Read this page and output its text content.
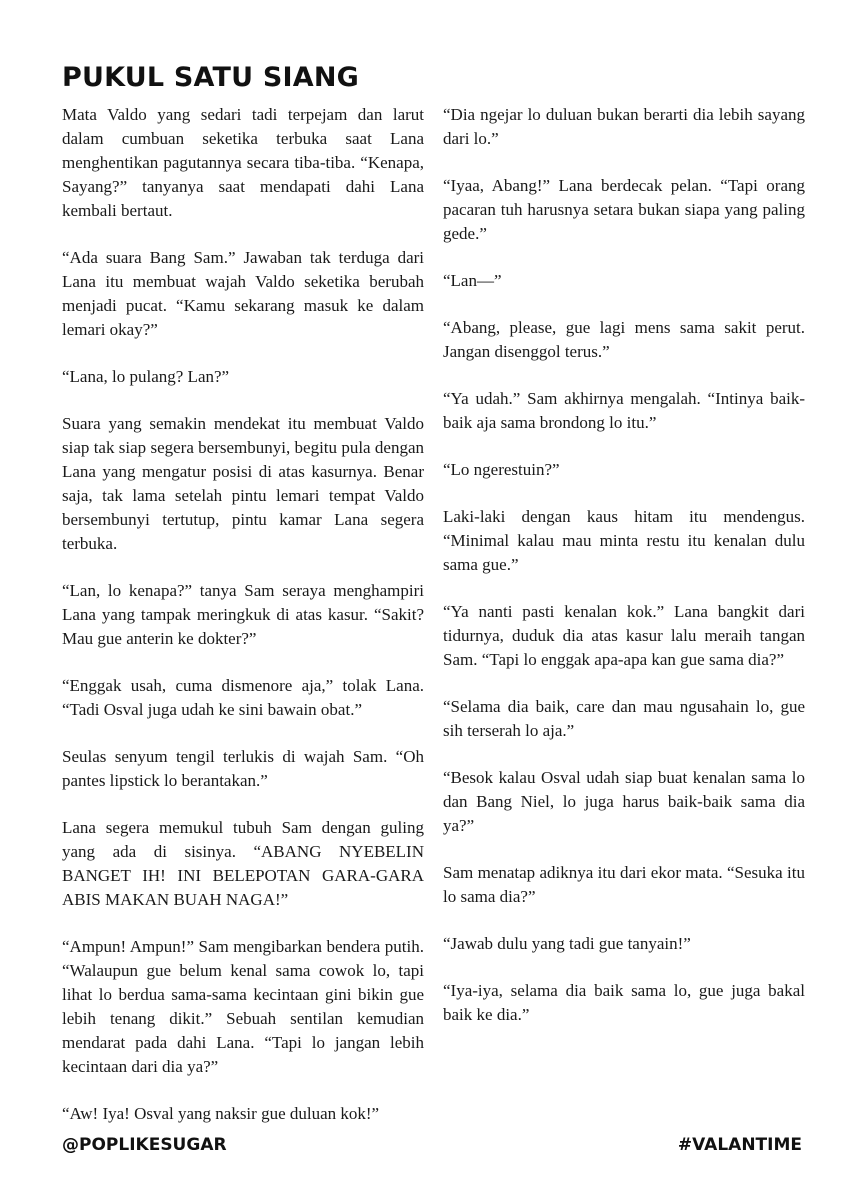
PUKUL SATU SIANG

Mata Valdo yang sedari tadi terpejam dan larut dalam cumbuan seketika terbuka saat Lana menghentikan pagutannya secara tiba-tiba. “Kenapa, Sayang?” tanyanya saat mendapati dahi Lana kembali bertaut.

“Ada suara Bang Sam.” Jawaban tak terduga dari Lana itu membuat wajah Valdo seketika berubah menjadi pucat. “Kamu sekarang masuk ke dalam lemari okay?”

“Lana, lo pulang? Lan?”

Suara yang semakin mendekat itu membuat Valdo siap tak siap segera bersembunyi, begitu pula dengan Lana yang mengatur posisi di atas kasurnya. Benar saja, tak lama setelah pintu lemari tempat Valdo bersembunyi tertutup, pintu kamar Lana segera terbuka.

“Lan, lo kenapa?” tanya Sam seraya menghampiri Lana yang tampak meringkuk di atas kasur. “Sakit? Mau gue anterin ke dokter?”

“Enggak usah, cuma dismenore aja,” tolak Lana. “Tadi Osval juga udah ke sini bawain obat.”

Seulas senyum tengil terlukis di wajah Sam. “Oh pantes lipstick lo berantakan.”

Lana segera memukul tubuh Sam dengan guling yang ada di sisinya. “ABANG NYEBELIN BANGET IH! INI BELEPOTAN GARA-GARA ABIS MAKAN BUAH NAGA!”

“Ampun! Ampun!” Sam mengibarkan bendera putih. “Walaupun gue belum kenal sama cowok lo, tapi lihat lo berdua sama-sama kecintaan gini bikin gue lebih tenang dikit.” Sebuah sentilan kemudian mendarat pada dahi Lana. “Tapi lo jangan lebih kecintaan dari dia ya?”

“Aw! Iya! Osval yang naksir gue duluan kok!”

“Dia ngejar lo duluan bukan berarti dia lebih sayang dari lo.”

“Iyaa, Abang!” Lana berdecak pelan. “Tapi orang pacaran tuh harusnya setara bukan siapa yang paling gede.”

“Lan—”

“Abang, please, gue lagi mens sama sakit perut. Jangan disenggol terus.”

“Ya udah.” Sam akhirnya mengalah. “Intinya baik-baik aja sama brondong lo itu.”

“Lo ngerestuin?”

Laki-laki dengan kaus hitam itu mendengus. “Minimal kalau mau minta restu itu kenalan dulu sama gue.”

“Ya nanti pasti kenalan kok.” Lana bangkit dari tidurnya, duduk dia atas kasur lalu meraih tangan Sam. “Tapi lo enggak apa-apa kan gue sama dia?”

“Selama dia baik, care dan mau ngusahain lo, gue sih terserah lo aja.”

“Besok kalau Osval udah siap buat kenalan sama lo dan Bang Niel, lo juga harus baik-baik sama dia ya?”

Sam menatap adiknya itu dari ekor mata. “Sesuka itu lo sama dia?”

“Jawab dulu yang tadi gue tanyain!”

“Iya-iya, selama dia baik sama lo, gue juga bakal baik ke dia.”

@POPLIKESUGAR	#VALANTIME
